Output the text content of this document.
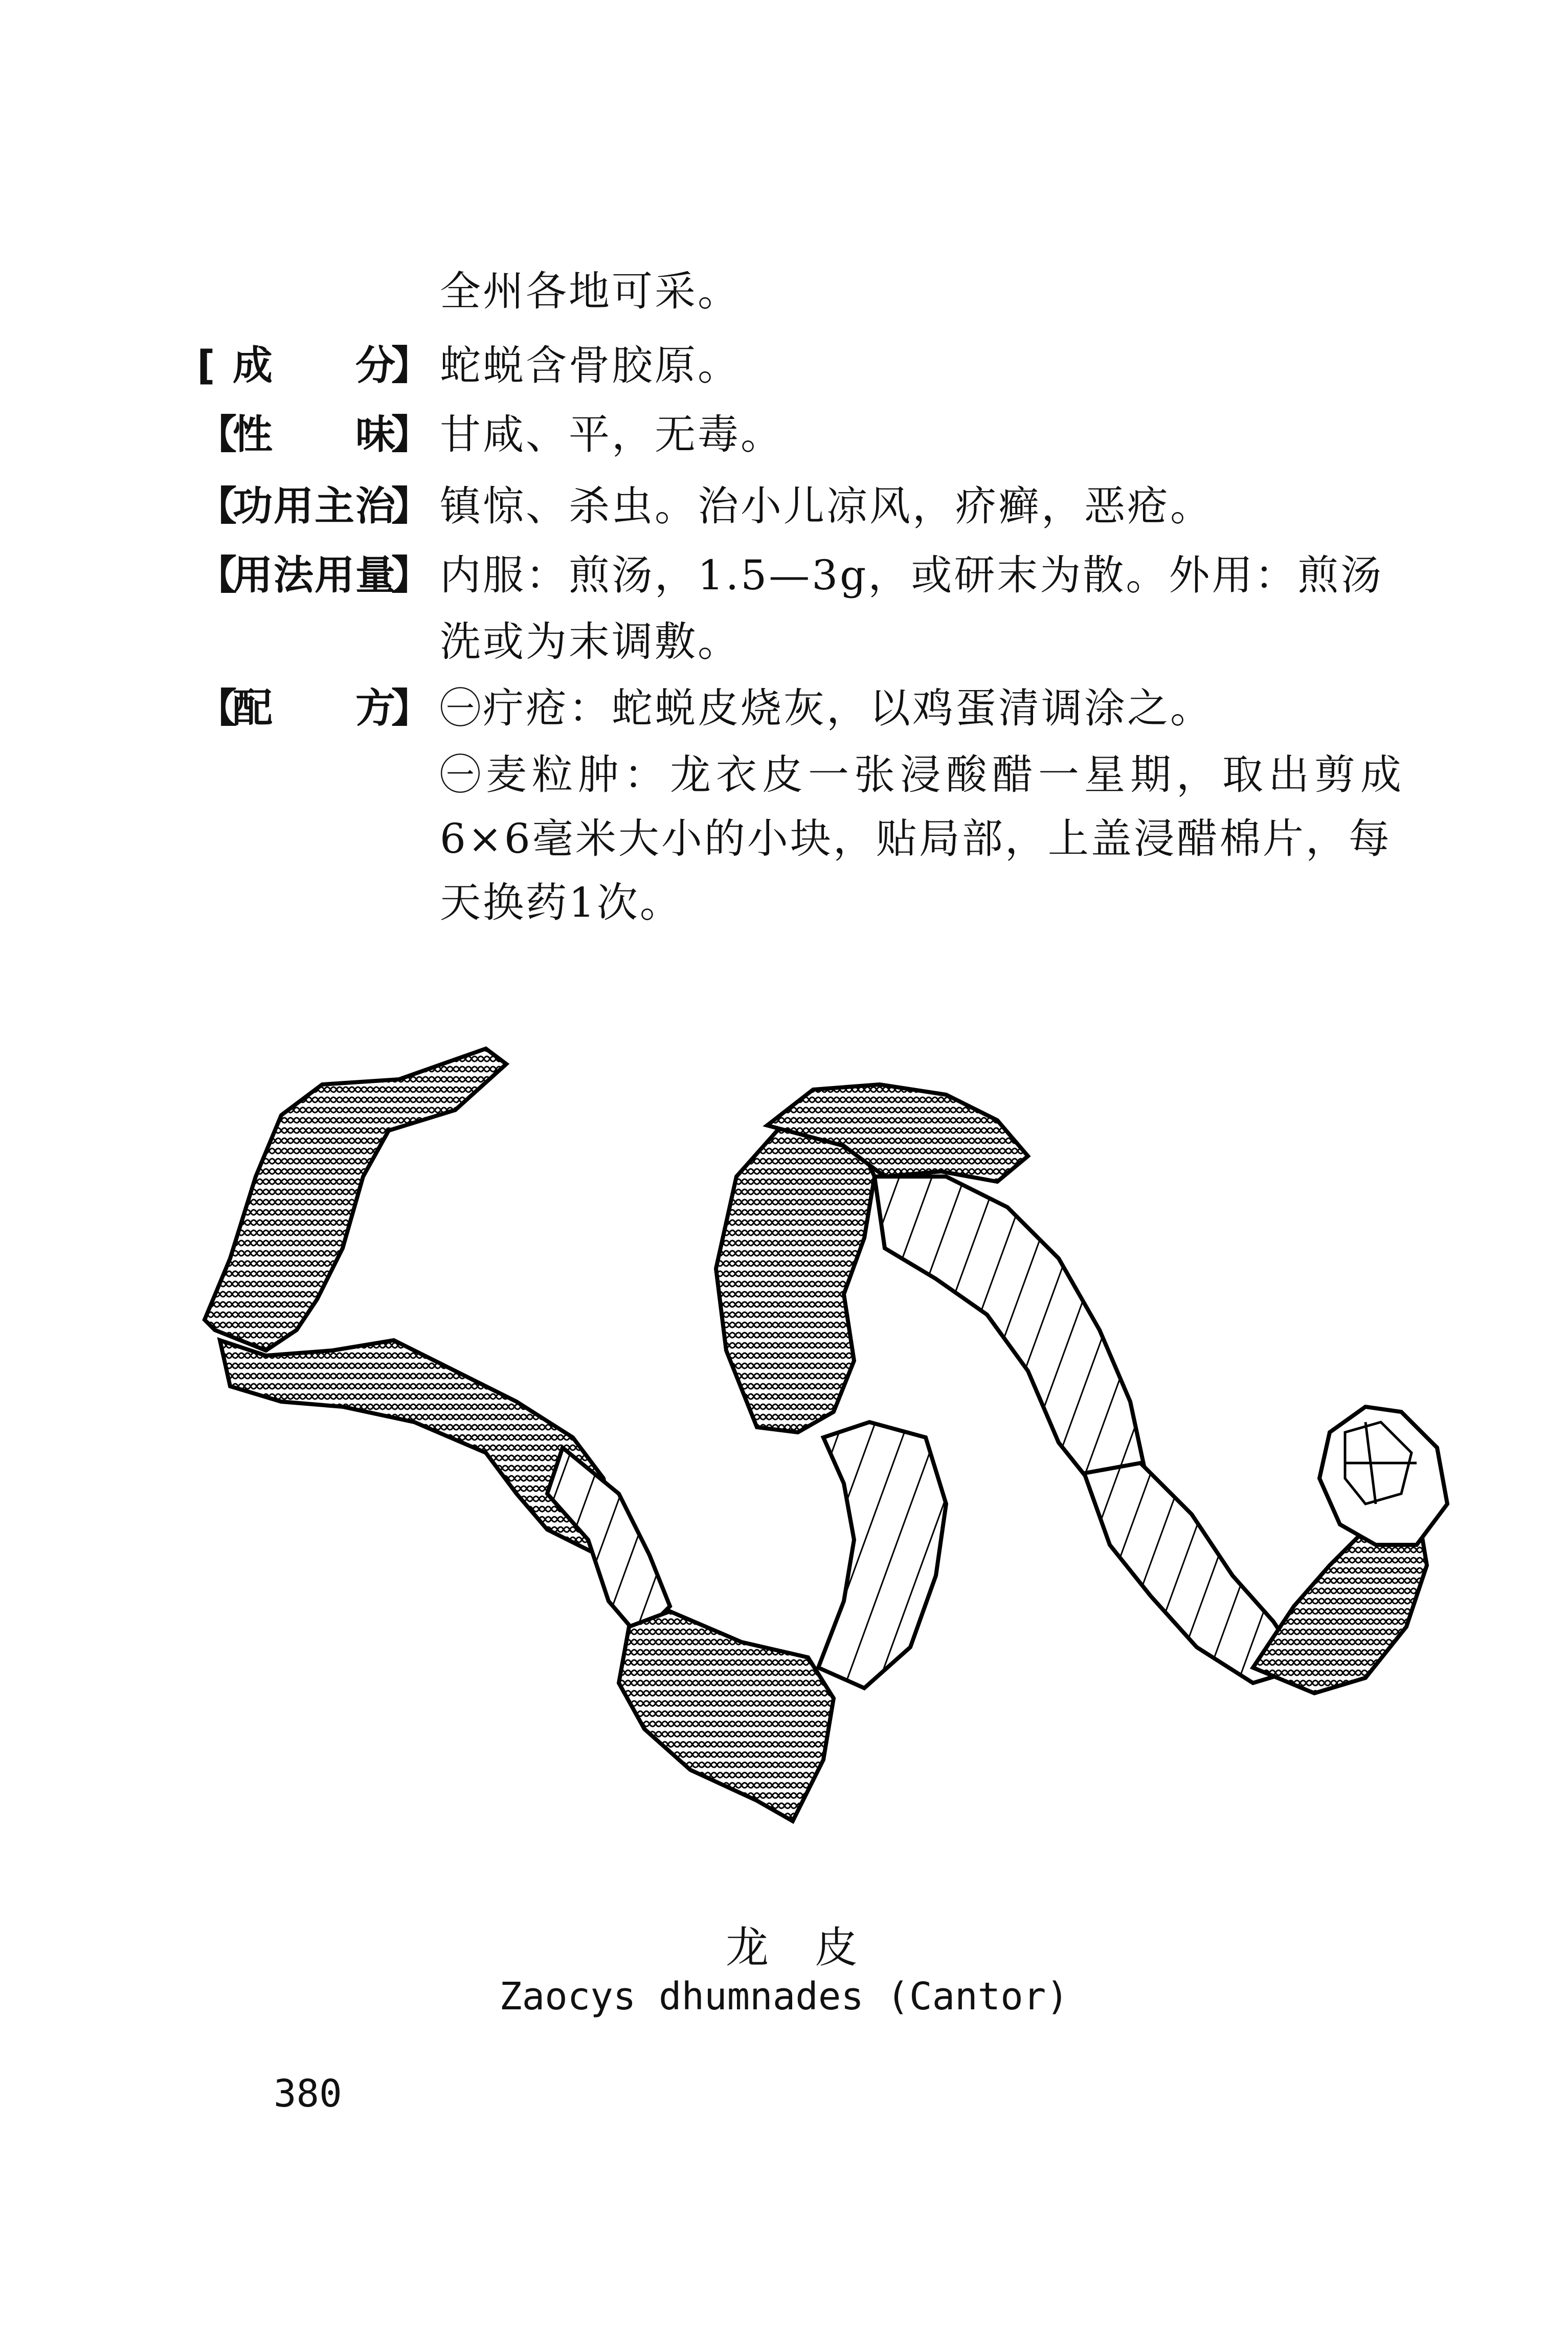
全州各地可采。
[ 成 分
】 蛇蜕含骨胶原。
【
性 味
】 甘咸、平，无毒。
【
功用主治
】 镇惊、杀虫。治小儿凉风，疥癣，恶疮。
【
用法用量
】 内服：煎汤，1.5—3g，或研末为散。外用：煎汤
洗或为末调敷。
【
配 方
】 ㊀疔疮：蛇蜕皮烧灰，以鸡蛋清调涂之。
㊀麦粒肿：龙衣皮一张浸酸醋一星期，取出剪成
6×6毫米大小的小块，贴局部，上盖浸醋棉片，每
天换药1次。
龙皮
Zaocys dhumnades (Cantor)
380
